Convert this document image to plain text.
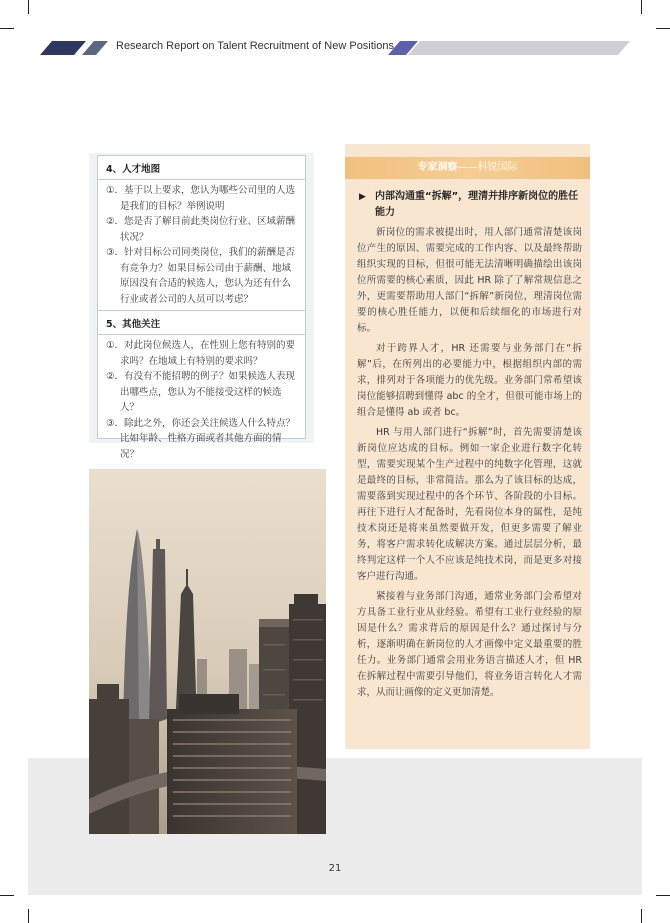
Research Report on Talent Recruitment of New Positions
4、人才地图
①．基于以上要求，您认为哪些公司里的人选是我们的目标？举例说明
②．您是否了解目前此类岗位行业、区域薪酬状况？
③．针对目标公司同类岗位，我们的薪酬是否有竞争力？如果目标公司由于薪酬、地域原因没有合适的候选人，您认为还有什么行业或者公司的人员可以考虑？
5、其他关注
①．对此岗位候选人，在性别上您有特别的要求吗？在地域上有特别的要求吗？
②．有没有不能招聘的例子？如果候选人表现出哪些点，您认为不能接受这样的候选人？
③．除此之外，你还会关注候选人什么特点？比如年龄、性格方面或者其他方面的情况？
专家洞察——科锐国际
▶ 内部沟通重“拆解”，理清并排序新岗位的胜任能力

新岗位的需求被提出时，用人部门通常清楚该岗位产生的原因、需要完成的工作内容、以及最终帮助组织实现的目标，但很可能无法清晰明确描绘出该岗位所需要的核心素质，因此 HR 除了了解常规信息之外，更需要帮助用人部门“拆解”新岗位，理清岗位需要的核心胜任能力，以便和后续细化的市场进行对标。

对于跨界人才，HR 还需要与业务部门在“拆解”后，在所列出的必要能力中，根据组织内部的需求，排列对于各项能力的优先级。业务部门常希望该岗位能够招聘到懂得 abc 的全才，但很可能市场上的组合是懂得 ab 或者 bc。

HR 与用人部门进行“拆解”时，首先需要清楚该新岗位应达成的目标。例如一家企业进行数字化转型，需要实现某个生产过程中的纯数字化管理，这就是最终的目标，非常简洁。那么为了该目标的达成，需要落到实现过程中的各个环节、各阶段的小目标。再往下进行人才配备时，先看岗位本身的属性，是纯技术岗还是将来虽然要做开发，但更多需要了解业务，将客户需求转化成解决方案。通过层层分析，最终判定这样一个人不应该是纯技术岗，而是更多对接客户进行沟通。

紧接着与业务部门沟通，通常业务部门会希望对方具备工业行业从业经验。希望有工业行业经验的原因是什么？需求背后的原因是什么？通过探讨与分析，逐渐明确在新岗位的人才画像中定义最重要的胜任力。业务部门通常会用业务语言描述人才，但 HR 在拆解过程中需要引导他们，将业务语言转化人才需求，从而让画像的定义更加清楚。

21
